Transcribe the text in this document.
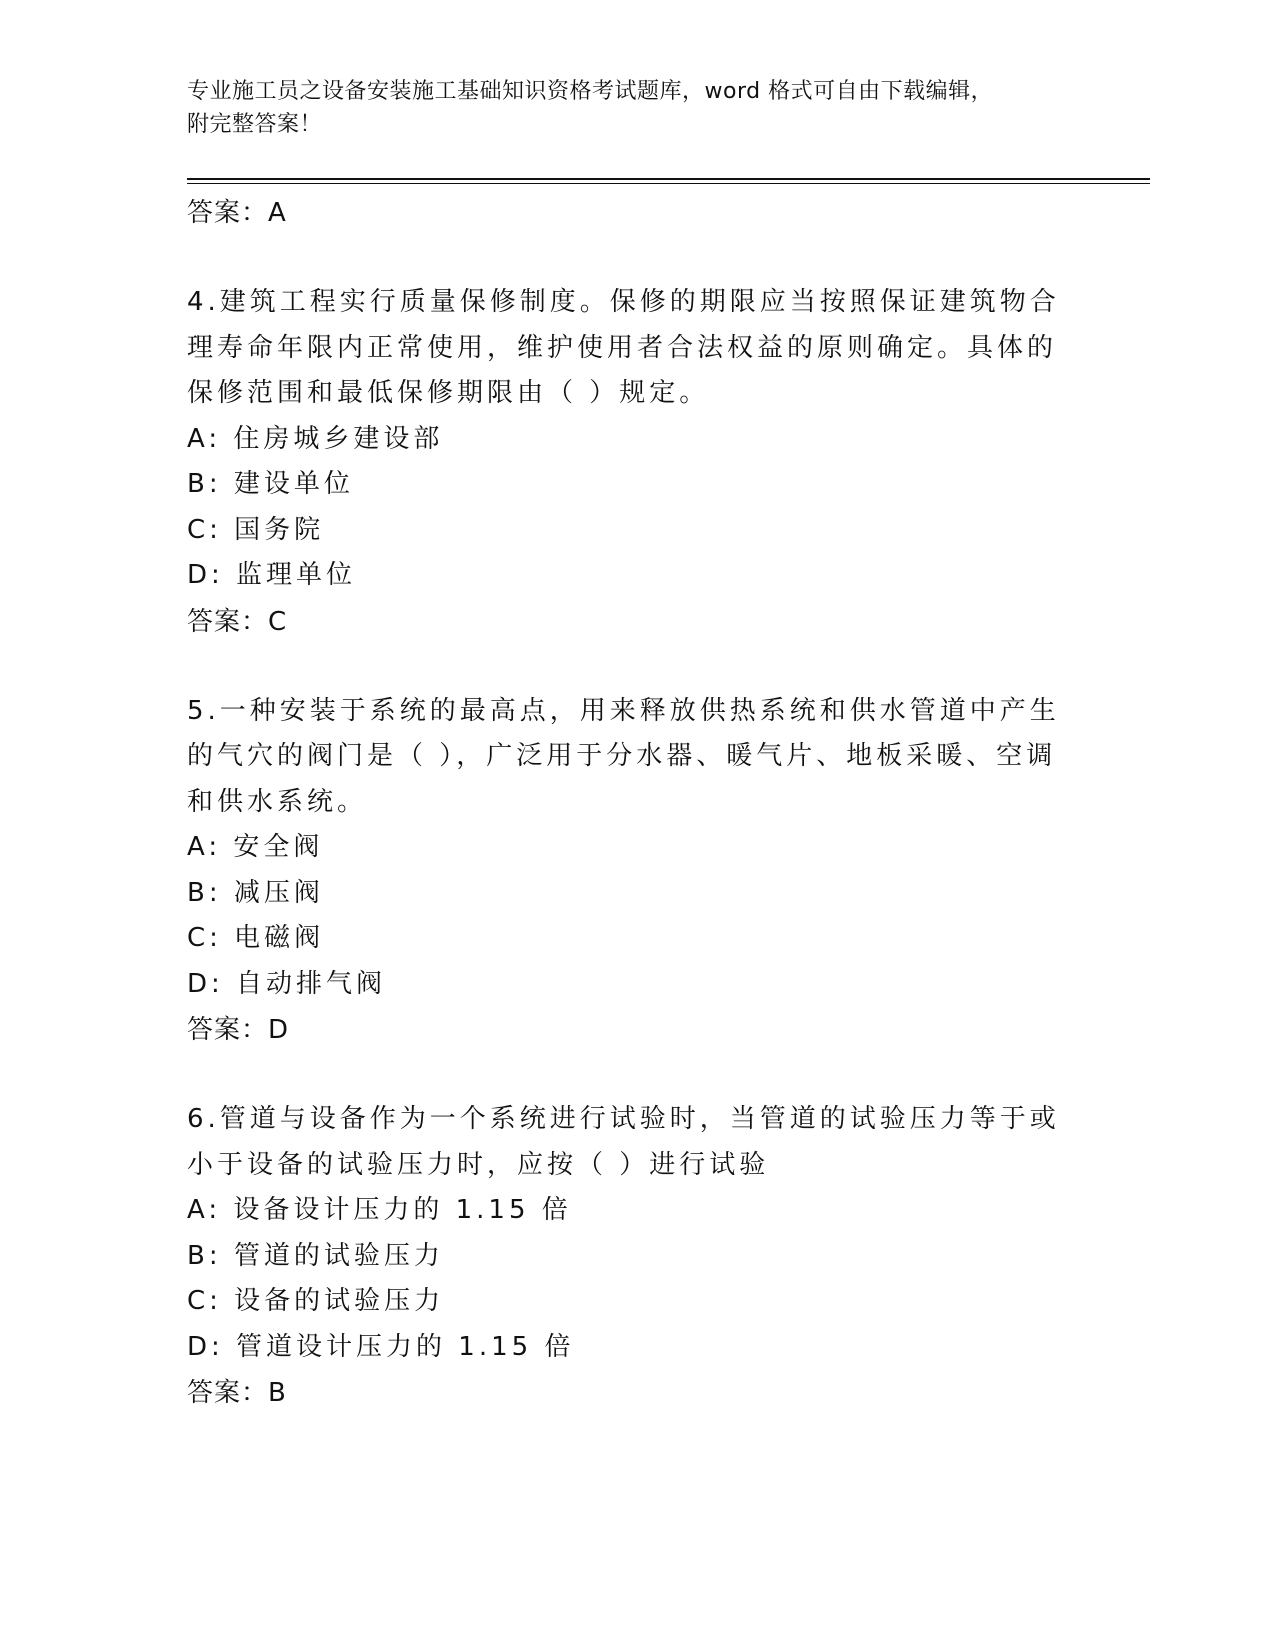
专业施工员之设备安装施工基础知识资格考试题库，word 格式可自由下载编辑，
附完整答案！
答案：A
4.建筑工程实行质量保修制度。保修的期限应当按照保证建筑物合理寿命年限内正常使用，维护使用者合法权益的原则确定。具体的保修范围和最低保修期限由（ ）规定。
A: 住房城乡建设部
B: 建设单位
C: 国务院
D: 监理单位
答案：C
5.一种安装于系统的最高点，用来释放供热系统和供水管道中产生的气穴的阀门是（ ），广泛用于分水器、暖气片、地板采暖、空调和供水系统。
A: 安全阀
B: 减压阀
C: 电磁阀
D: 自动排气阀
答案：D
6.管道与设备作为一个系统进行试验时，当管道的试验压力等于或小于设备的试验压力时，应按（ ）进行试验
A: 设备设计压力的 1.15 倍
B: 管道的试验压力
C: 设备的试验压力
D: 管道设计压力的 1.15 倍
答案：B
